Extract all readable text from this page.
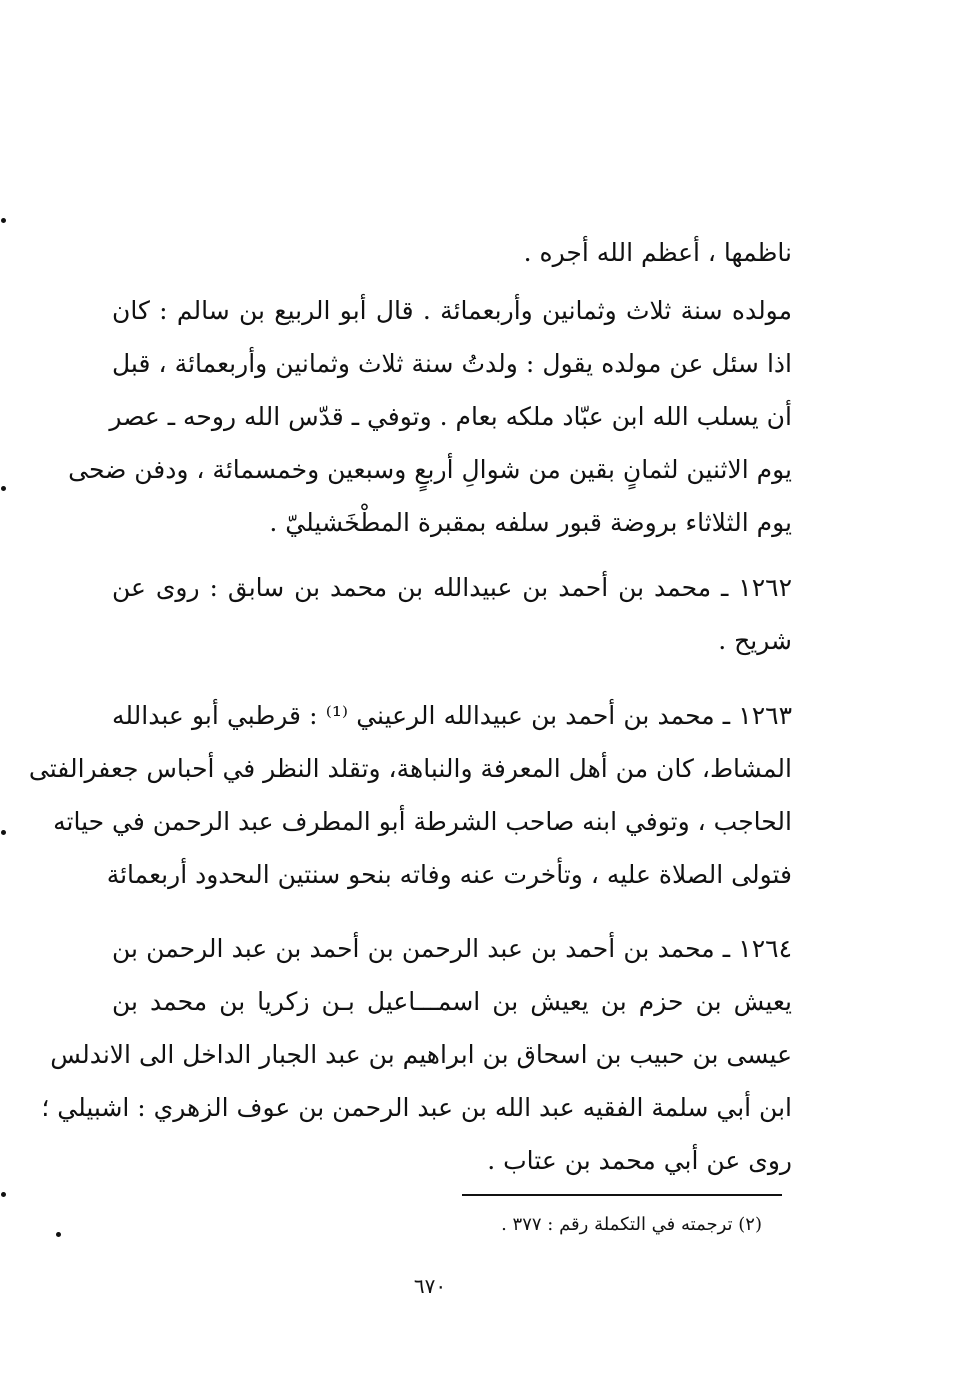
ناظمها ، أعظم الله أجره .
مولده سنة ثلاث وثمانين وأربعمائة . قال أبو الربيع بن سالم : كان
اذا سئل عن مولده يقول : ولدتُ سنة ثلاث وثمانين وأربعمائة ، قبل
أن يسلب الله ابن عبّاد ملكه بعام . وتوفي ـ قدّس الله روحه ـ عصر
يوم الاثنين لثمانٍ بقين من شوالِ أربعٍ وسبعين وخمسمائة ، ودفن ضحى
يوم الثلاثاء بروضة قبور سلفه بمقبرة المطْخَشيليّ .
١٢٦٢ ـ محمد بن أحمد بن عبيدالله بن محمد بن سابق : روى عن
شريح .
١٢٦٣ ـ محمد بن أحمد بن عبيدالله الرعيني ⁽¹⁾ : قرطبي أبو عبدالله
المشاط، كان من أهل المعرفة والنباهة، وتقلد النظر في أحباس جعفرالفتى
الحاجب ، وتوفي ابنه صاحب الشرطة أبو المطرف عبد الرحمن في حياته
فتولى الصلاة عليه ، وتأخرت عنه وفاته بنحو سنتين الىحدود أربعمائة
١٢٦٤ ـ محمد بن أحمد بن عبد الرحمن بن أحمد بن عبد الرحمن بن
يعيش بن حزم بن يعيش بن اسمـــاعيل بـن زكريا بن محمد بن
عيسى بن حبيب بن اسحاق بن ابراهيم بن عبد الجبار الداخل الى الاندلس
ابن أبي سلمة الفقيه عبد الله بن عبد الرحمن بن عوف الزهري : اشبيلي ؛
روى عن أبي محمد بن عتاب .
(٢) ترجمته في التكملة رقم : ٣٧٧ .
٦٧٠
